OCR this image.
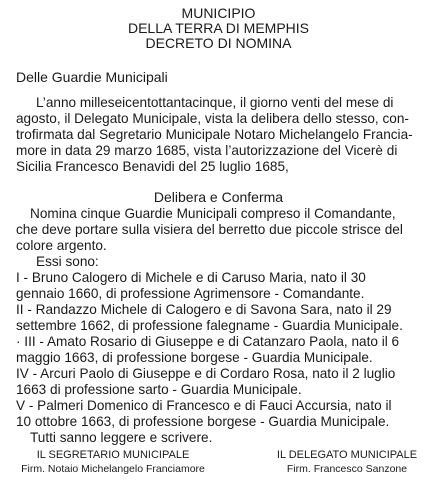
MUNICIPIO
DELLA TERRA DI MEMPHIS
DECRETO DI NOMINA
Delle Guardie Municipali
L’anno milleseicentottantacinque, il giorno venti del mese di
agosto, il Delegato Municipale, vista la delibera dello stesso, con-
trofirmata dal Segretario Municipale Notaro Michelangelo Francia-
more in data 29 marzo 1685, vista l’autorizzazione del Vicerè di
Sicilia Francesco Benavidi del 25 luglio 1685,
Delibera e Conferma
Nomina cinque Guardie Municipali compreso il Comandante,
che deve portare sulla visiera del berretto due piccole strisce del
colore argento.
Essi sono:
I - Bruno Calogero di Michele e di Caruso Maria, nato il 30
gennaio 1660, di professione Agrimensore - Comandante.
II - Randazzo Michele di Calogero e di Savona Sara, nato il 29
settembre 1662, di professione falegname - Guardia Municipale.
· III - Amato Rosario di Giuseppe e di Catanzaro Paola, nato il 6
maggio 1663, di professione borgese - Guardia Municipale.
IV - Arcuri Paolo di Giuseppe e di Cordaro Rosa, nato il 2 luglio
1663 di professione sarto - Guardia Municipale.
V - Palmeri Domenico di Francesco e di Fauci Accursia, nato il
10 ottobre 1663, di professione borgese - Guardia Municipale.
Tutti sanno leggere e scrivere.
IL SEGRETARIO MUNICIPALE
Firm. Notaio Michelangelo Franciamore
IL DELEGATO MUNICIPALE
Firm. Francesco Sanzone
